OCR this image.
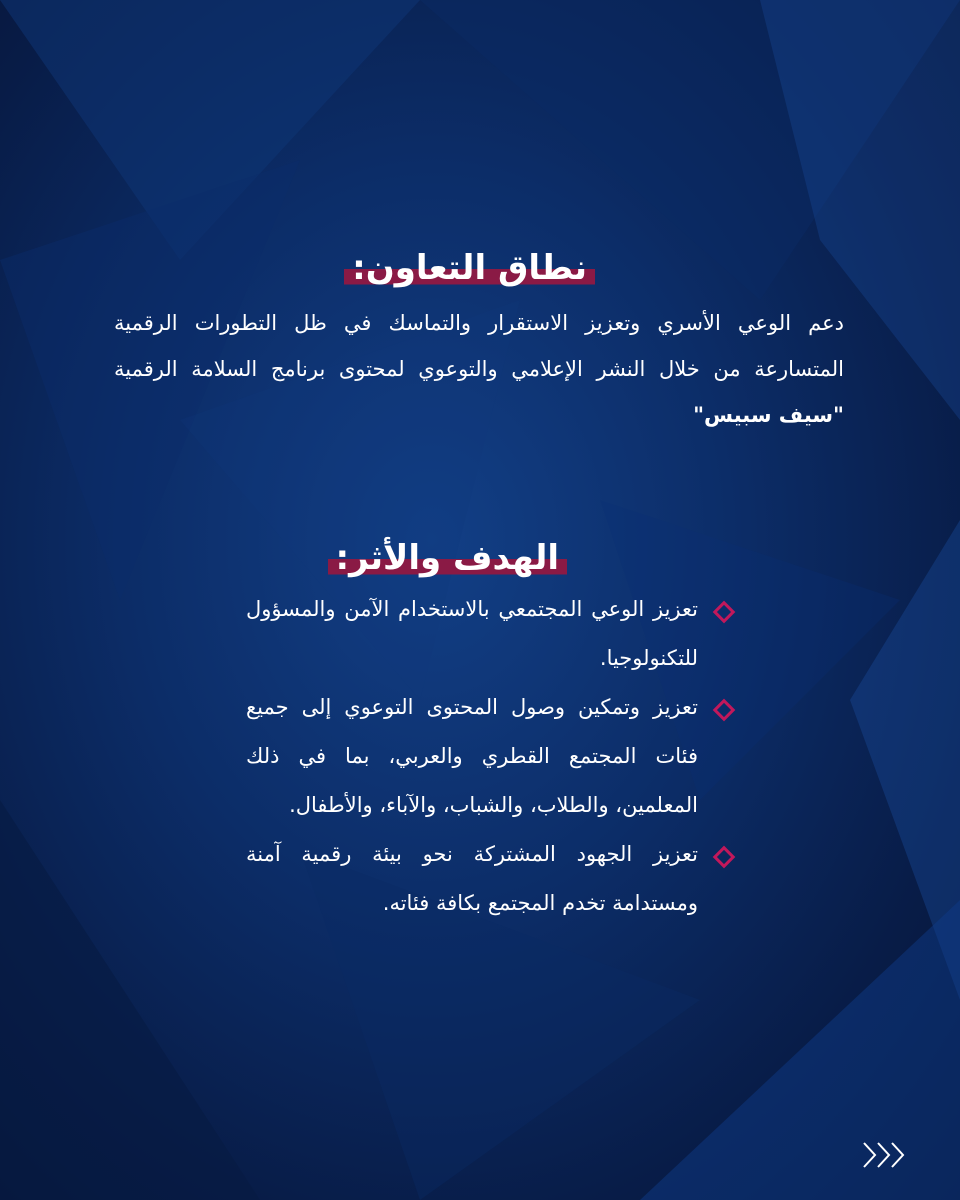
نطاق التعاون:
دعم الوعي الأسري وتعزيز الاستقرار والتماسك في ظل التطورات الرقمية المتسارعة من خلال النشر الإعلامي والتوعوي لمحتوى برنامج السلامة الرقمية "سيف سبيس"
الهدف والأثر:
تعزيز الوعي المجتمعي بالاستخدام الآمن والمسؤول للتكنولوجيا.
تعزيز وتمكين وصول المحتوى التوعوي إلى جميع فئات المجتمع القطري والعربي، بما في ذلك المعلمين، والطلاب، والشباب، والآباء، والأطفال.
تعزيز الجهود المشتركة نحو بيئة رقمية آمنة ومستدامة تخدم المجتمع بكافة فئاته.
